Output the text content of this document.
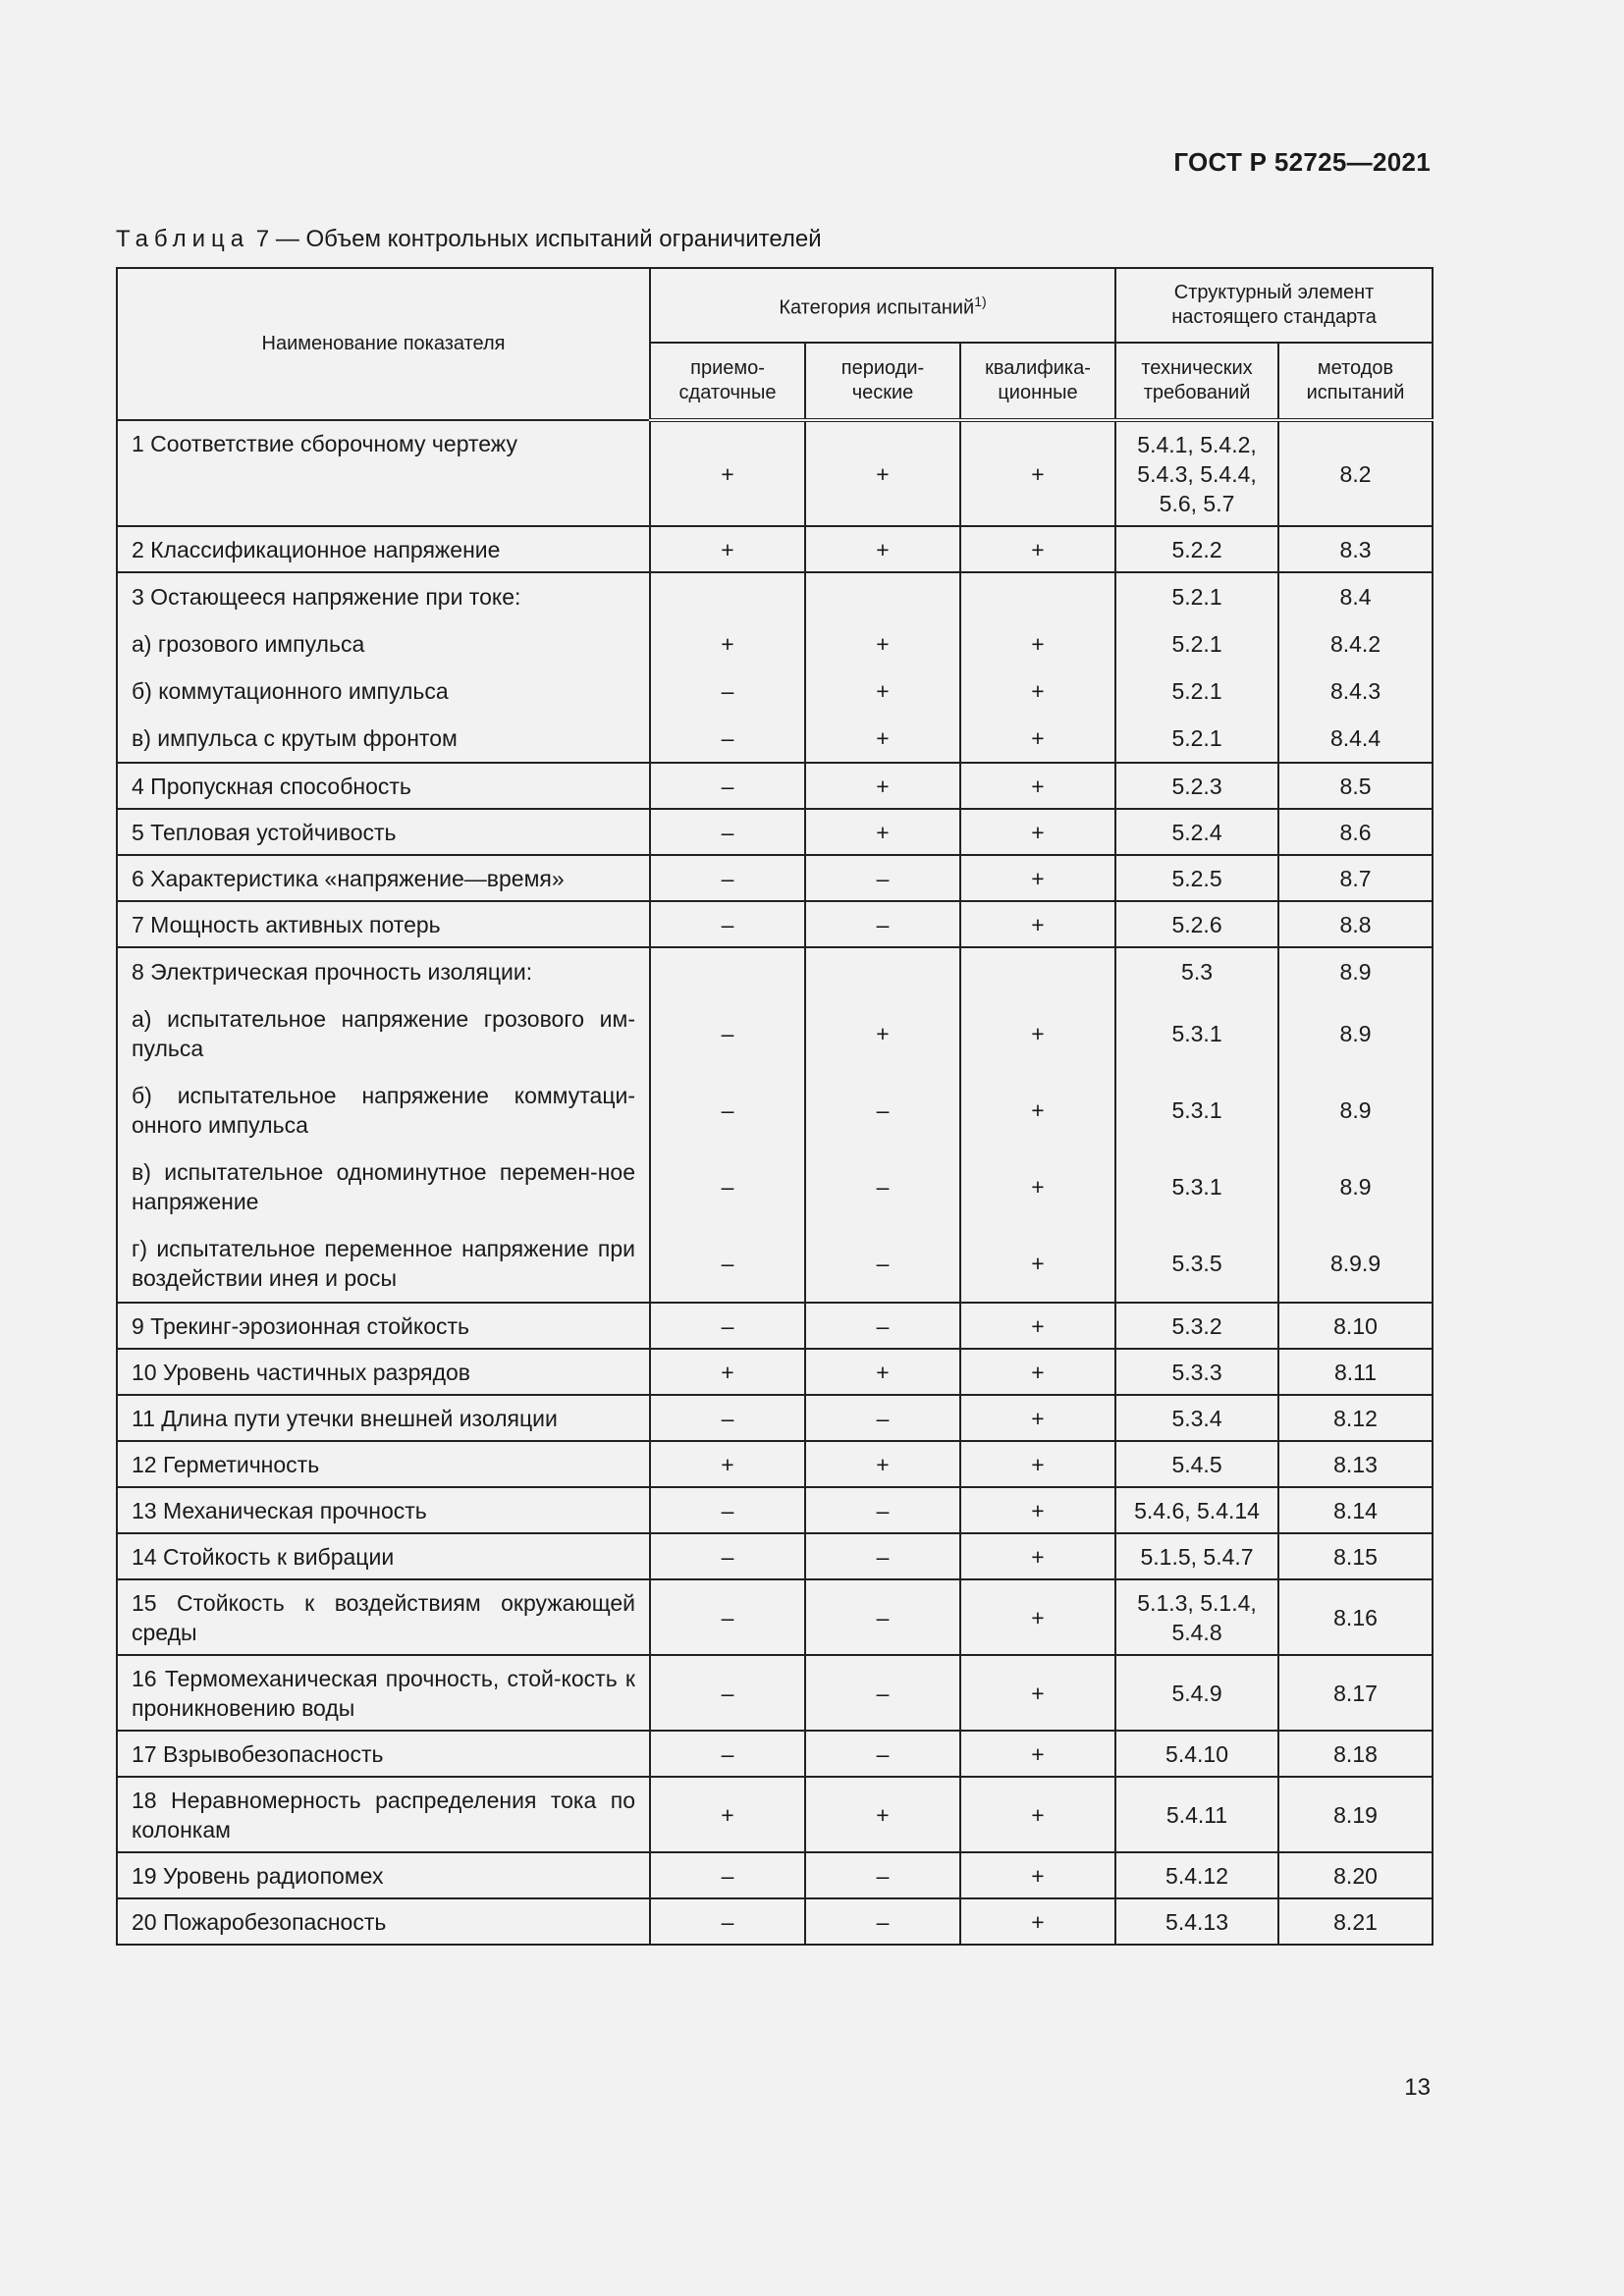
ГОСТ Р 52725—2021
Таблица 7 — Объем контрольных испытаний ограничителей
Наименование показателя	Категория испытаний$^{1)}$			Структурный элемент настоящего стандарта	
	приемо-сдаточные	периоди-ческие	квалифика-ционные	технических требований	методов испытаний
1 Соответствие сборочному чертежу	+	+	+	5.4.1, 5.4.2, 5.4.3, 5.4.4, 5.6, 5.7	8.2
2 Классификационное напряжение	+	+	+	5.2.2	8.3
3 Остающееся напряжение при токе:				5.2.1	8.4
а) грозового импульса	+	+	+	5.2.1	8.4.2
б) коммутационного импульса	–	+	+	5.2.1	8.4.3
в) импульса с крутым фронтом	–	+	+	5.2.1	8.4.4
4 Пропускная способность	–	+	+	5.2.3	8.5
5 Тепловая устойчивость	–	+	+	5.2.4	8.6
6 Характеристика «напряжение—время»	–	–	+	5.2.5	8.7
7 Мощность активных потерь	–	–	+	5.2.6	8.8
8 Электрическая прочность изоляции:				5.3	8.9
а) испытательное напряжение грозового им-пульса	–	+	+	5.3.1	8.9
б) испытательное напряжение коммутаци-онного импульса	–	–	+	5.3.1	8.9
в) испытательное одноминутное перемен-ное напряжение	–	–	+	5.3.1	8.9
г) испытательное переменное напряжение при воздействии инея и росы	–	–	+	5.3.5	8.9.9
9 Трекинг-эрозионная стойкость	–	–	+	5.3.2	8.10
10 Уровень частичных разрядов	+	+	+	5.3.3	8.11
11 Длина пути утечки внешней изоляции	–	–	+	5.3.4	8.12
12 Герметичность	+	+	+	5.4.5	8.13
13 Механическая прочность	–	–	+	5.4.6, 5.4.14	8.14
14 Стойкость к вибрации	–	–	+	5.1.5, 5.4.7	8.15
15 Стойкость к воздействиям окружающей среды	–	–	+	5.1.3, 5.1.4, 5.4.8	8.16
16 Термомеханическая прочность, стой-кость к проникновению воды	–	–	+	5.4.9	8.17
17 Взрывобезопасность	–	–	+	5.4.10	8.18
18 Неравномерность распределения тока по колонкам	+	+	+	5.4.11	8.19
19 Уровень радиопомех	–	–	+	5.4.12	8.20
20 Пожаробезопасность	–	–	+	5.4.13	8.21
13
